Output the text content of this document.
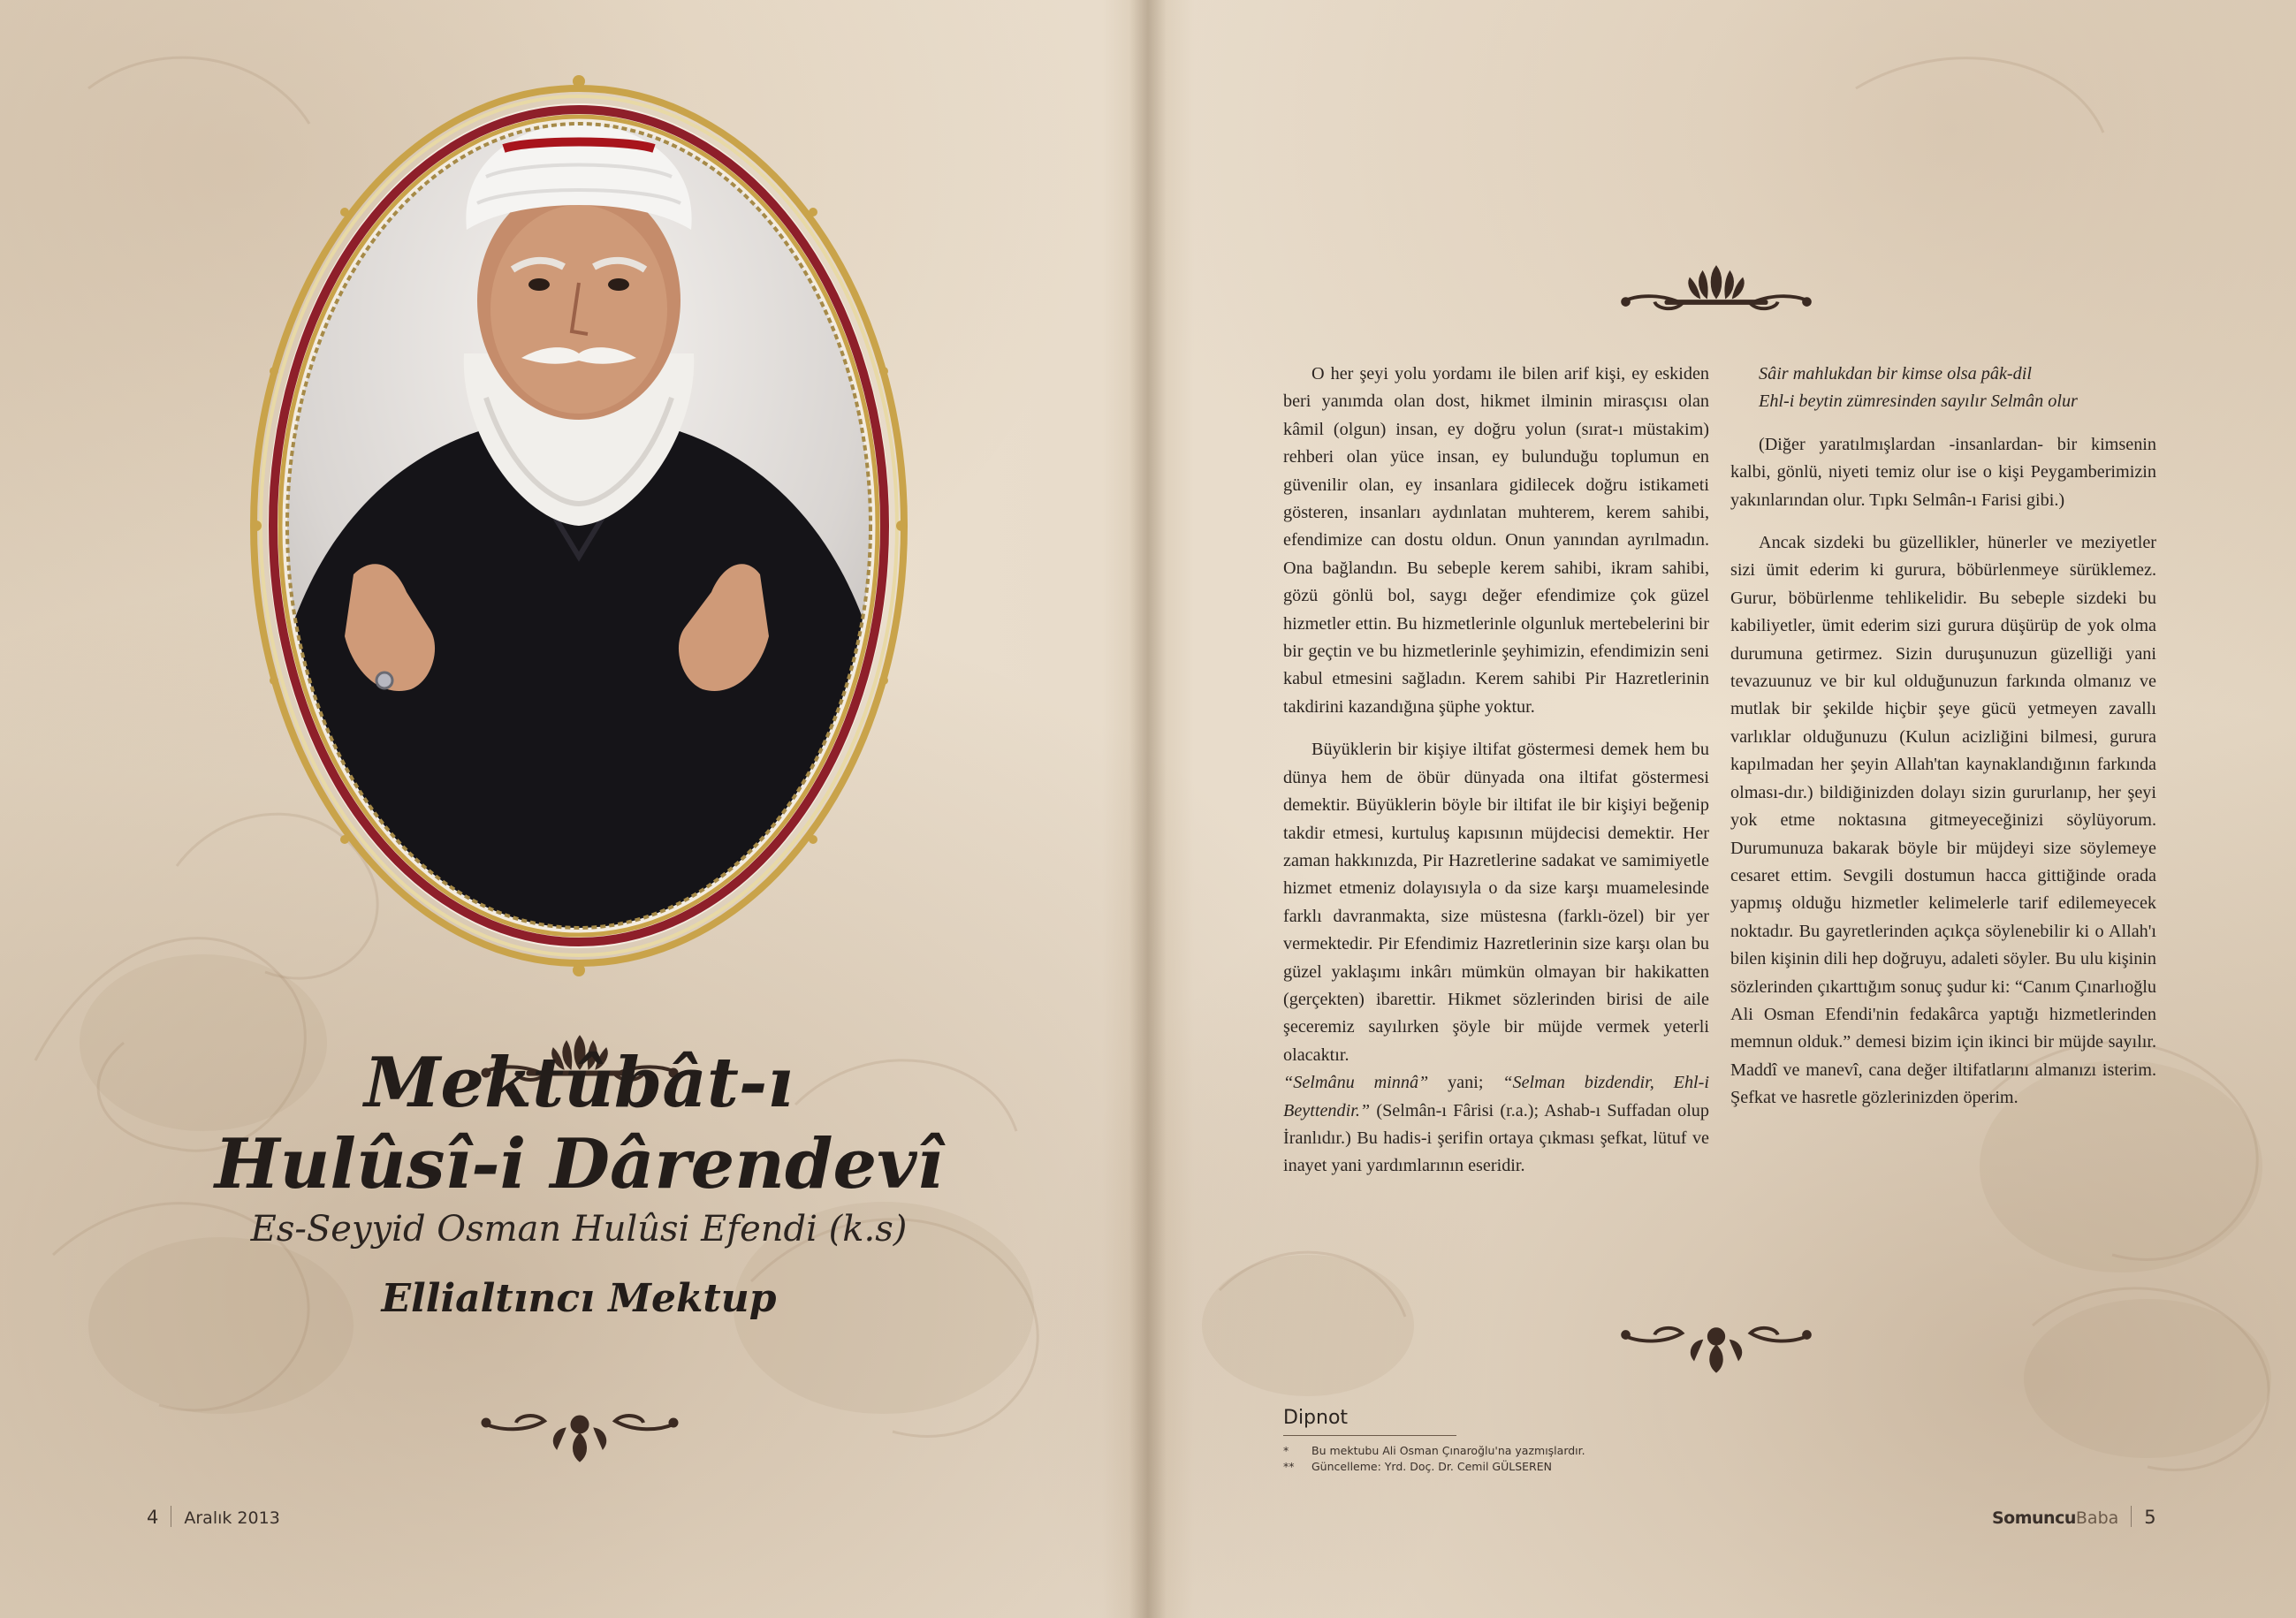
Mektûbât-ı
Hulûsî-i Dârendevî
Es-Seyyid Osman Hulûsi Efendi (k.s)
Ellialtıncı Mektup
4 Aralık 2013

O her şeyi yolu yordamı ile bilen arif kişi, ey eskiden beri yanımda olan dost, hikmet ilminin mirasçısı olan kâmil (olgun) insan, ey doğru yolun (sırat-ı müstakim) rehberi olan yüce insan, ey bulunduğu toplumun en güvenilir olan, ey insanlara gidilecek doğru istikameti gösteren, insanları aydınlatan muhterem, kerem sahibi, efendimize can dostu oldun. Onun yanından ayrılmadın. Ona bağlandın. Bu sebeple kerem sahibi, ikram sahibi, gözü gönlü bol, saygı değer efendimize çok güzel hizmetler ettin. Bu hizmetlerinle olgunluk mertebelerini bir bir geçtin ve bu hizmetlerinle şeyhimizin, efendimizin seni kabul etmesini sağladın. Kerem sahibi Pir Hazretlerinin takdirini kazandığına şüphe yoktur.

Büyüklerin bir kişiye iltifat göstermesi demek hem bu dünya hem de öbür dünyada ona iltifat göstermesi demektir. Büyüklerin böyle bir iltifat ile bir kişiyi beğenip takdir etmesi, kurtuluş kapısının müjdecisi demektir. Her zaman hakkınızda, Pir Hazretlerine sadakat ve samimiyetle hizmet etmeniz dolayısıyla o da size karşı muamelesinde farklı davranmakta, size müstesna (farklı-özel) bir yer vermektedir. Pir Efendimiz Hazretlerinin size karşı olan bu güzel yaklaşımı inkârı mümkün olmayan bir hakikatten (gerçekten) ibarettir. Hikmet sözlerinden birisi de aile şeceremiz sayılırken şöyle bir müjde vermek yeterli olacaktır.

“Selmânu minnâ” yani; “Selman bizdendir, Ehl-i Beyttendir.” (Selmân-ı Fârisi (r.a.); Ashab-ı Suffadan olup İranlıdır.) Bu hadis-i şerifin ortaya çıkması şefkat, lütuf ve inayet yani yardımlarının eseridir.

Sâir mahlukdan bir kimse olsa pâk-dil

Ehl-i beytin zümresinden sayılır Selmân olur

(Diğer yaratılmışlardan -insanlardan- bir kimsenin kalbi, gönlü, niyeti temiz olur ise o kişi Peygamberimizin yakınlarından olur. Tıpkı Selmân-ı Farisi gibi.)

Ancak sizdeki bu güzellikler, hünerler ve meziyetler sizi ümit ederim ki gurura, böbürlenmeye sürüklemez. Gurur, böbürlenme tehlikelidir. Bu sebeple sizdeki bu kabiliyetler, ümit ederim sizi gurura düşürüp de yok olma durumuna getirmez. Sizin duruşunuzun güzelliği yani tevazuunuz ve bir kul olduğunuzun farkında olmanız ve mutlak bir şekilde hiçbir şeye gücü yetmeyen zavallı varlıklar olduğunuzu (Kulun acizliğini bilmesi, gurura kapılmadan her şeyin Allah'tan kaynaklandığının farkında olması-dır.) bildiğinizden dolayı sizin gururlanıp, her şeyi yok etme noktasına gitmeyeceğinizi söylüyorum. Durumunuza bakarak böyle bir müjdeyi size söylemeye cesaret ettim. Sevgili dostumun hacca gittiğinde orada yapmış olduğu hizmetler kelimelerle tarif edilemeyecek noktadır. Bu gayretlerinden açıkça söylenebilir ki o Allah'ı bilen kişinin dili hep doğruyu, adaleti söyler. Bu ulu kişinin sözlerinden çıkarttığım sonuç şudur ki: “Canım Çınarlıoğlu Ali Osman Efendi'nin fedakârca yaptığı hizmetlerinden memnun olduk.” demesi bizim için ikinci bir müjde sayılır. Maddî ve manevî, cana değer iltifatlarını almanızı isterim. Şefkat ve hasretle gözlerinizden öperim.

Dipnot
* Bu mektubu Ali Osman Çınaroğlu'na yazmışlardır.
** Güncelleme: Yrd. Doç. Dr. Cemil GÜLSEREN
SomuncuBaba 5
